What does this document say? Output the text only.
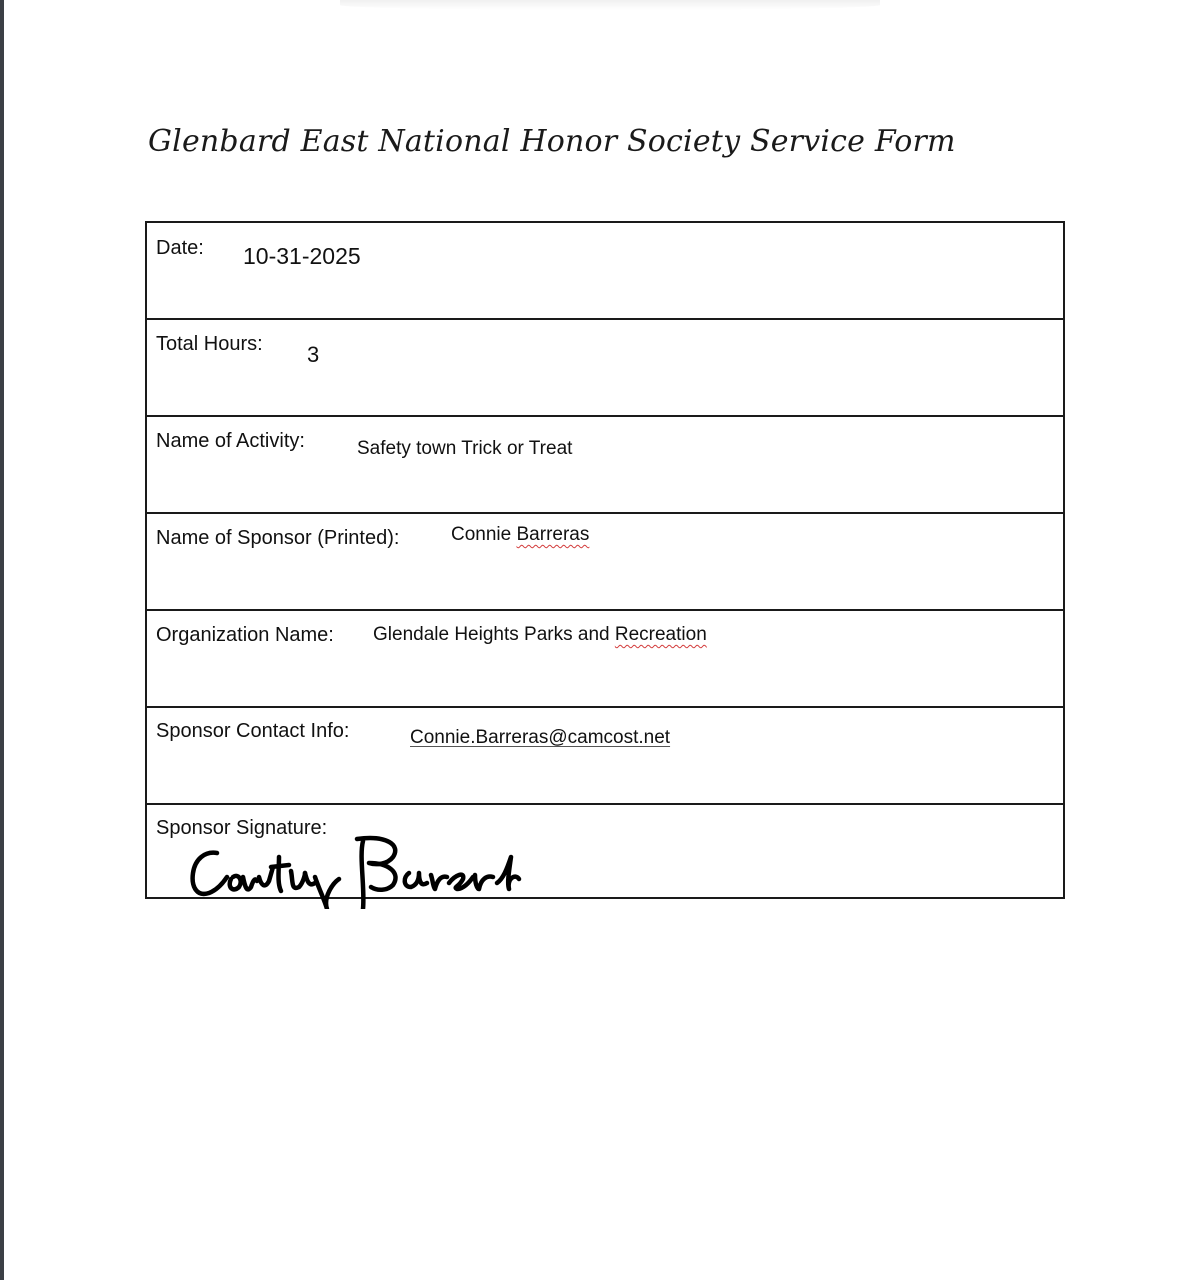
Glenbard East National Honor Society Service Form
Date: 10-31-2025
Total Hours: 3
Name of Activity:	Safety town Trick or Treat
Name of Sponsor (Printed):	Connie Barreras
Organization Name: Glendale Heights Parks and Recreation
Sponsor Contact Info:	Connie.Barreras@camcost.net
Sponsor Signature:
